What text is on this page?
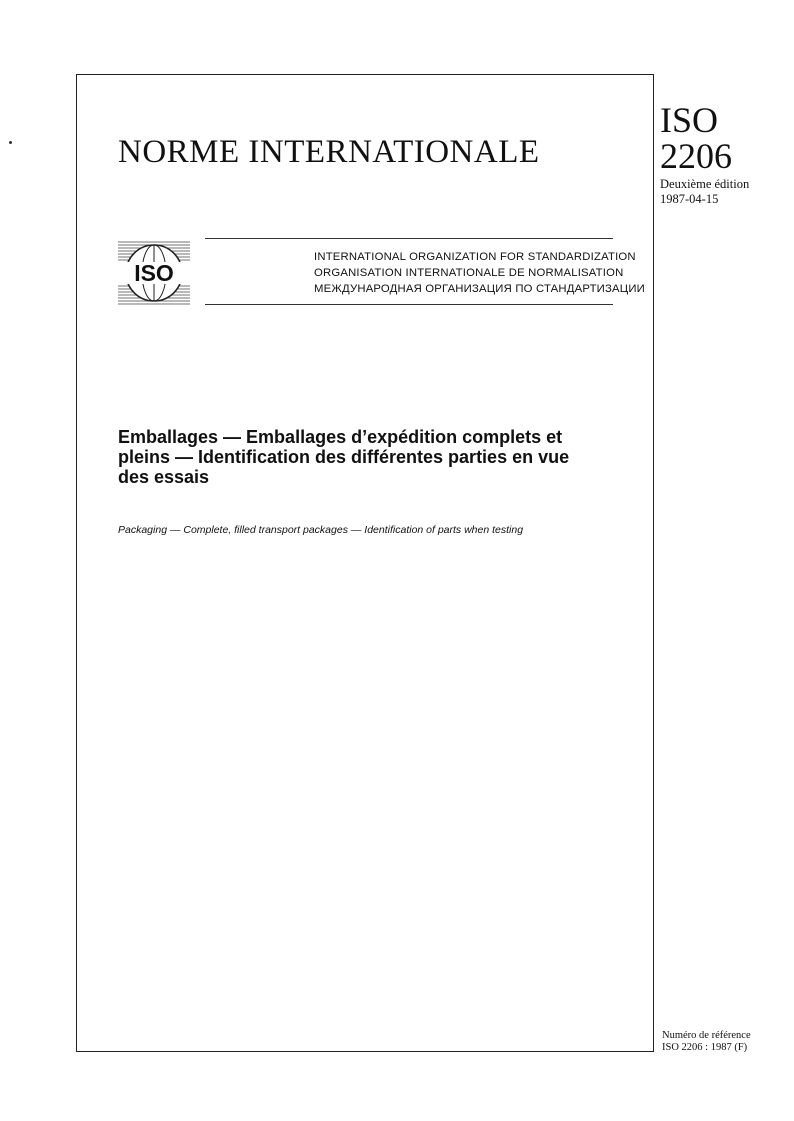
NORME INTERNATIONALE
ISO
2206
Deuxième édition
1987-04-15
ISO
INTERNATIONAL ORGANIZATION FOR STANDARDIZATION
ORGANISATION INTERNATIONALE DE NORMALISATION
МЕЖДУНАРОДНАЯ ОРГАНИЗАЦИЯ ПО СТАНДАРТИЗАЦИИ
Emballages — Emballages d’expédition complets et
pleins — Identification des différentes parties en vue
des essais
Packaging — Complete, filled transport packages — Identification of parts when testing
Numéro de référence
ISO 2206 : 1987 (F)
